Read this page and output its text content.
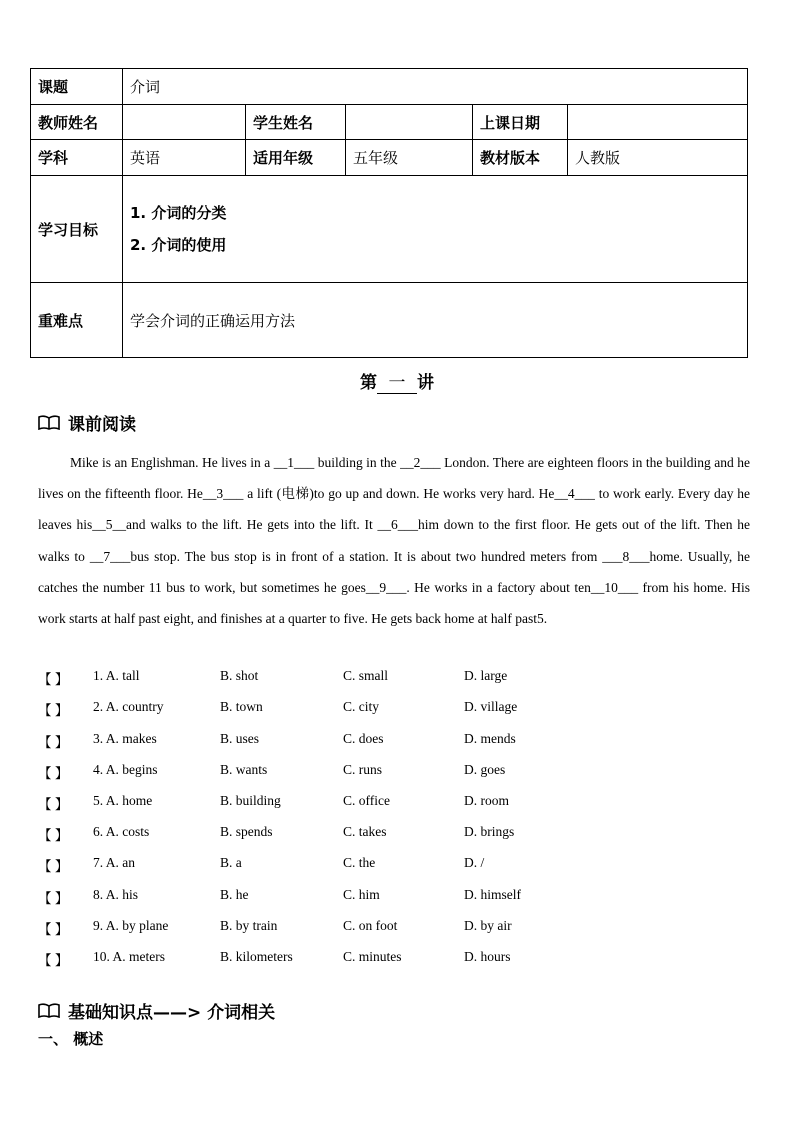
课题	介词				
教师姓名		学生姓名		上课日期	
学科	英语	适用年级	五年级	教材版本	人教版
学习目标	1. 介词的分类
2. 介词的使用				

重难点	学会介词的正确运用方法				
第 一 讲
课前阅读

Mike is an Englishman. He lives in a __1___ building in the __2___ London. There are eighteen floors in the building and he lives on the fifteenth floor. He__3___ a lift (电梯)to go up and down. He works very hard. He__4___ to work early. Every day he leaves his__5__and walks to the lift. He gets into the lift. It __6___him down to the first floor. He gets out of the lift. Then he walks to __7___bus stop. The bus stop is in front of a station. It is about two hundred meters from ___8___home. Usually, he catches the number 11 bus to work, but sometimes he goes__9___. He works in a factory about ten__10___ from his home. His work starts at half past eight, and finishes at a quarter to five. He gets back home at half past5.

【 】 1. A. tall	B. shot	C. small	D. large
【 】 2. A. country	B. town	C. city	D. village
【 】 3. A. makes	B. uses	C. does	D. mends
【 】 4. A. begins	B. wants	C. runs	D. goes
【 】 5. A. home	B. building	C. office	D. room
【 】 6. A. costs	B. spends	C. takes	D. brings
【 】 7. A. an	B. a	C. the	D. /
【 】 8. A. his	B. he	C. him	D. himself
【 】 9. A. by plane	B. by train	C. on foot	D. by air
【 】 10. A. meters	B. kilometers	C. minutes	D. hours
基础知识点——> 介词相关
一、 概述
